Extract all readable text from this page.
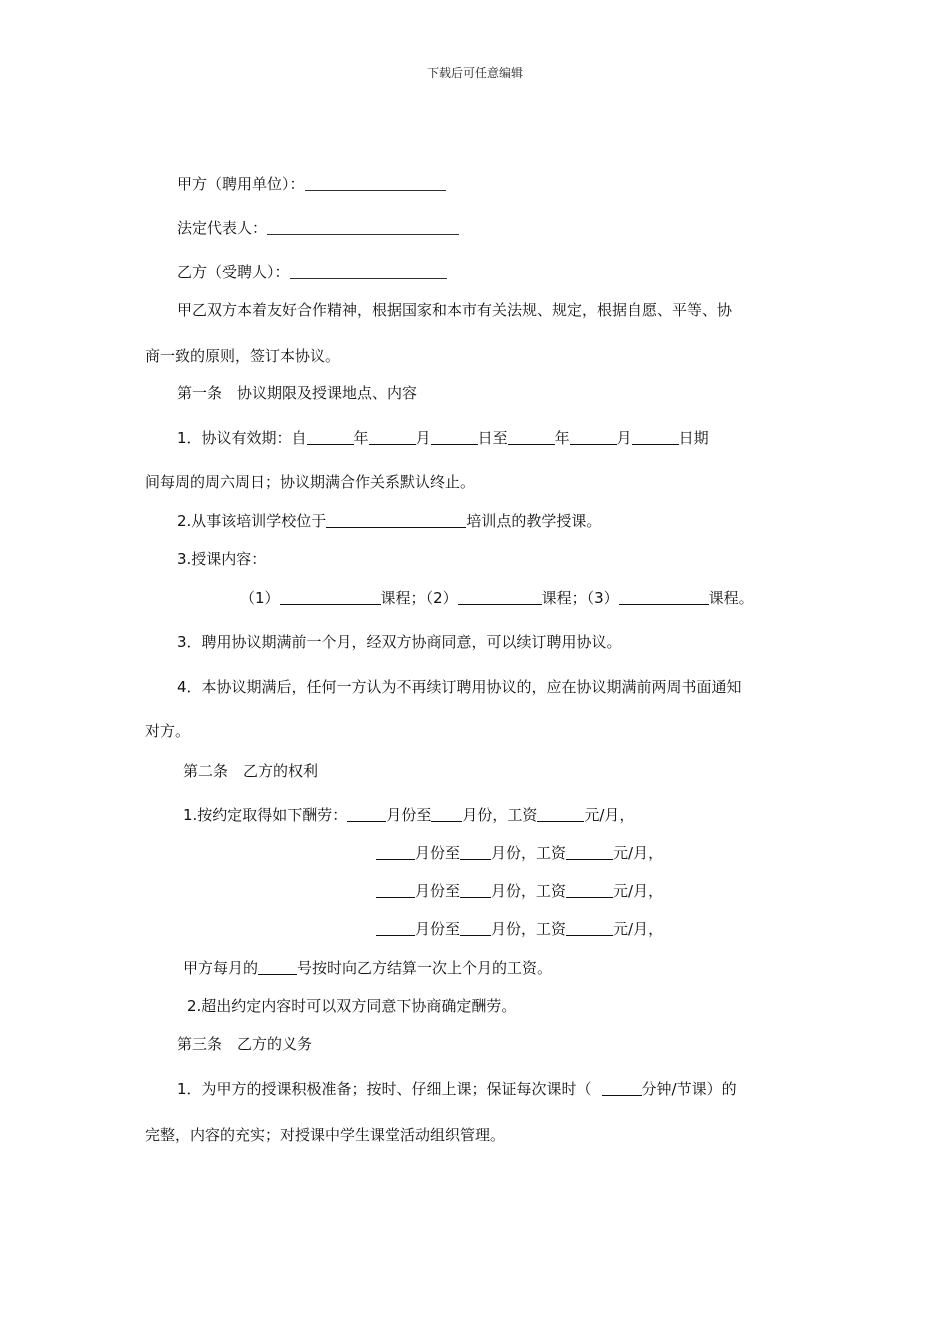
下载后可任意编辑
甲方（聘用单位）：
法定代表人：
乙方（受聘人）：
甲乙双方本着友好合作精神，根据国家和本市有关法规、规定，根据自愿、平等、协
商一致的原则，签订本协议。
第一条　协议期限及授课地点、内容
1．协议有效期：自	年	月	日至	年	月	日期
间每周的周六周日；协议期满合作关系默认终止。
2.从事该培训学校位于	培训点的教学授课。
3.授课内容：
（1）	课程；（2）	课程；（3）	课程。
3．聘用协议期满前一个月，经双方协商同意，可以续订聘用协议。
4．本协议期满后，任何一方认为不再续订聘用协议的，应在协议期满前两周书面通知
对方。
第二条　乙方的权利
1.按约定取得如下酬劳：	月份至 月份，工资	元/月，
月份至 月份，工资	元/月，
月份至 月份，工资	元/月，
月份至 月份，工资	元/月，
甲方每月的	号按时向乙方结算一次上个月的工资。
2.超出约定内容时可以双方同意下协商确定酬劳。
第三条　乙方的义务
1．为甲方的授课积极准备；按时、仔细上课；保证每次课时（	分钟/节课）的
完整，内容的充实；对授课中学生课堂活动组织管理。
